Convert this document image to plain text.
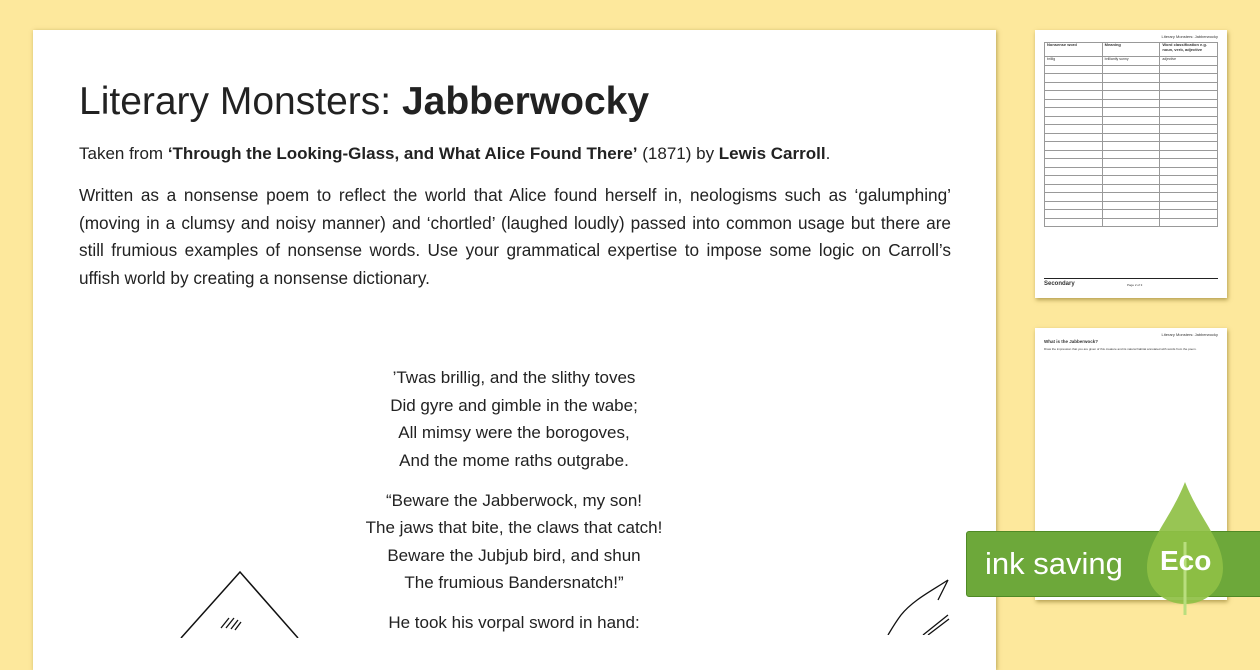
Literary Monsters: Jabberwocky
Taken from ‘Through the Looking-Glass, and What Alice Found There’ (1871) by Lewis Carroll.

Written as a nonsense poem to reflect the world that Alice found herself in, neologisms such as ‘galumphing’ (moving in a clumsy and noisy manner) and ‘chortled’ (laughed loudly) passed into common usage but there are still frumious examples of nonsense words. Use your grammatical expertise to impose some logic on Carroll’s uffish world by creating a nonsense dictionary.

’Twas brillig, and the slithy toves
Did gyre and gimble in the wabe;
All mimsy were the borogoves,
And the mome raths outgrabe.
“Beware the Jabberwock, my son!
The jaws that bite, the claws that catch!
Beware the Jubjub bird, and shun
The frumious Bandersnatch!”
He took his vorpal sword in hand:
Literary Monsters: Jabberwocky
Nonsense word	Meaning	Word classification e.g. noun, verb, adjective
brillig	brilliantly sunny	adjective

Secondary	Page 2 of 3
Literary Monsters: Jabberwocky
What is the Jabberwock?
Draw the impression that you are given of this creature and its natural habitat annotated with words from the poem.
ink saving Eco
